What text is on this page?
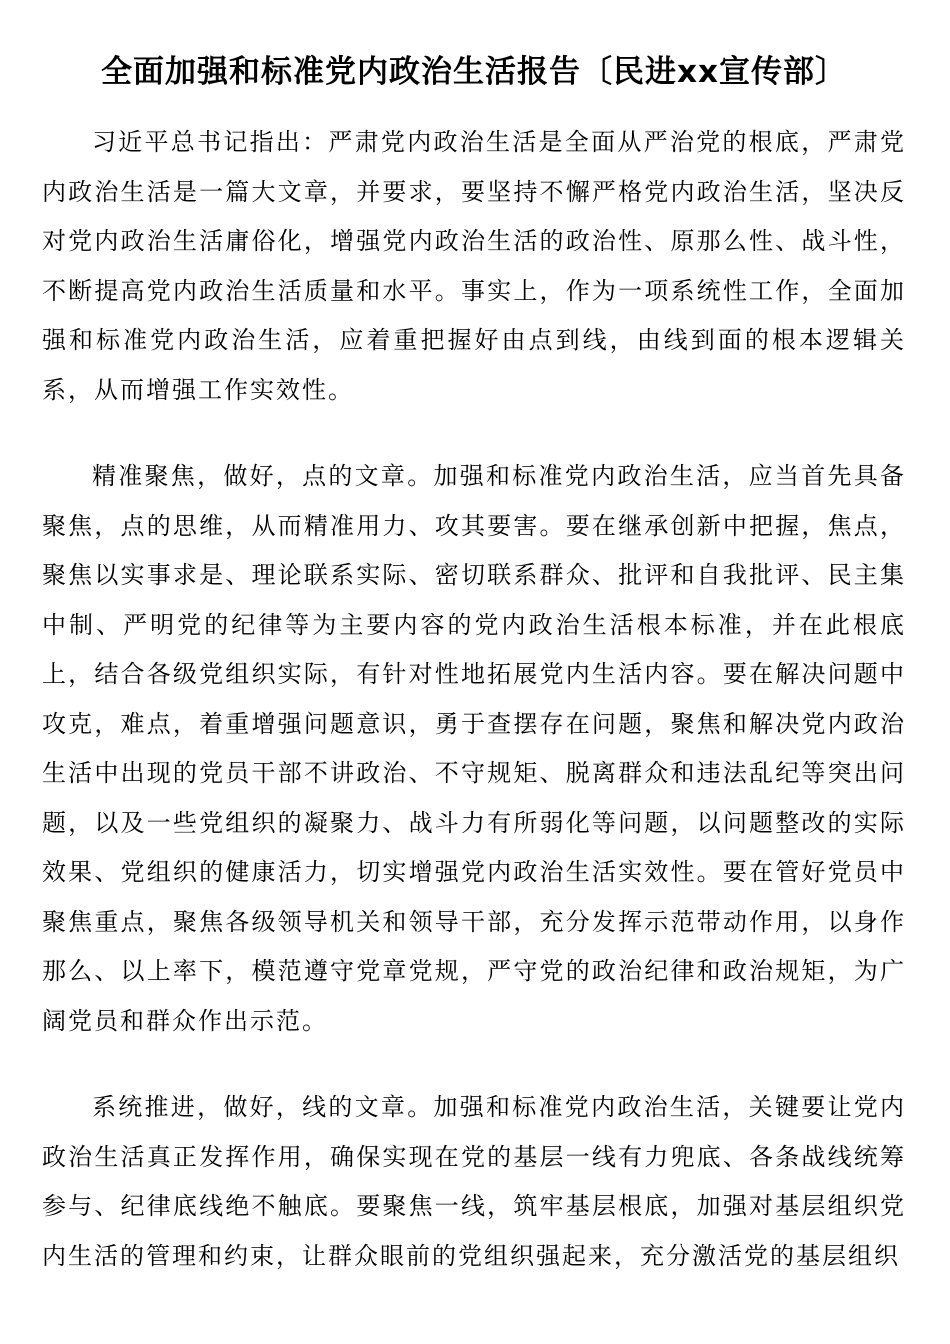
全面加强和标准党内政治生活报告〔民进xx宣传部〕

习近平总书记指出：严肃党内政治生活是全面从严治党的根底，严肃党内政治生活是一篇大文章，并要求，要坚持不懈严格党内政治生活，坚决反对党内政治生活庸俗化，增强党内政治生活的政治性、原那么性、战斗性，不断提高党内政治生活质量和水平。事实上，作为一项系统性工作，全面加强和标准党内政治生活，应着重把握好由点到线，由线到面的根本逻辑关系，从而增强工作实效性。

精准聚焦，做好，点的文章。加强和标准党内政治生活，应当首先具备聚焦，点的思维，从而精准用力、攻其要害。要在继承创新中把握，焦点，聚焦以实事求是、理论联系实际、密切联系群众、批评和自我批评、民主集中制、严明党的纪律等为主要内容的党内政治生活根本标准，并在此根底上，结合各级党组织实际，有针对性地拓展党内生活内容。要在解决问题中攻克，难点，着重增强问题意识，勇于查摆存在问题，聚焦和解决党内政治生活中出现的党员干部不讲政治、不守规矩、脱离群众和违法乱纪等突出问题，以及一些党组织的凝聚力、战斗力有所弱化等问题，以问题整改的实际效果、党组织的健康活力，切实增强党内政治生活实效性。要在管好党员中聚焦重点，聚焦各级领导机关和领导干部，充分发挥示范带动作用，以身作那么、以上率下，模范遵守党章党规，严守党的政治纪律和政治规矩，为广阔党员和群众作出示范。

系统推进，做好，线的文章。加强和标准党内政治生活，关键要让党内政治生活真正发挥作用，确保实现在党的基层一线有力兜底、各条战线统筹参与、纪律底线绝不触底。要聚焦一线，筑牢基层根底，加强对基层组织党内生活的管理和约束，让群众眼前的党组织强起来，充分激活党的基层组织
